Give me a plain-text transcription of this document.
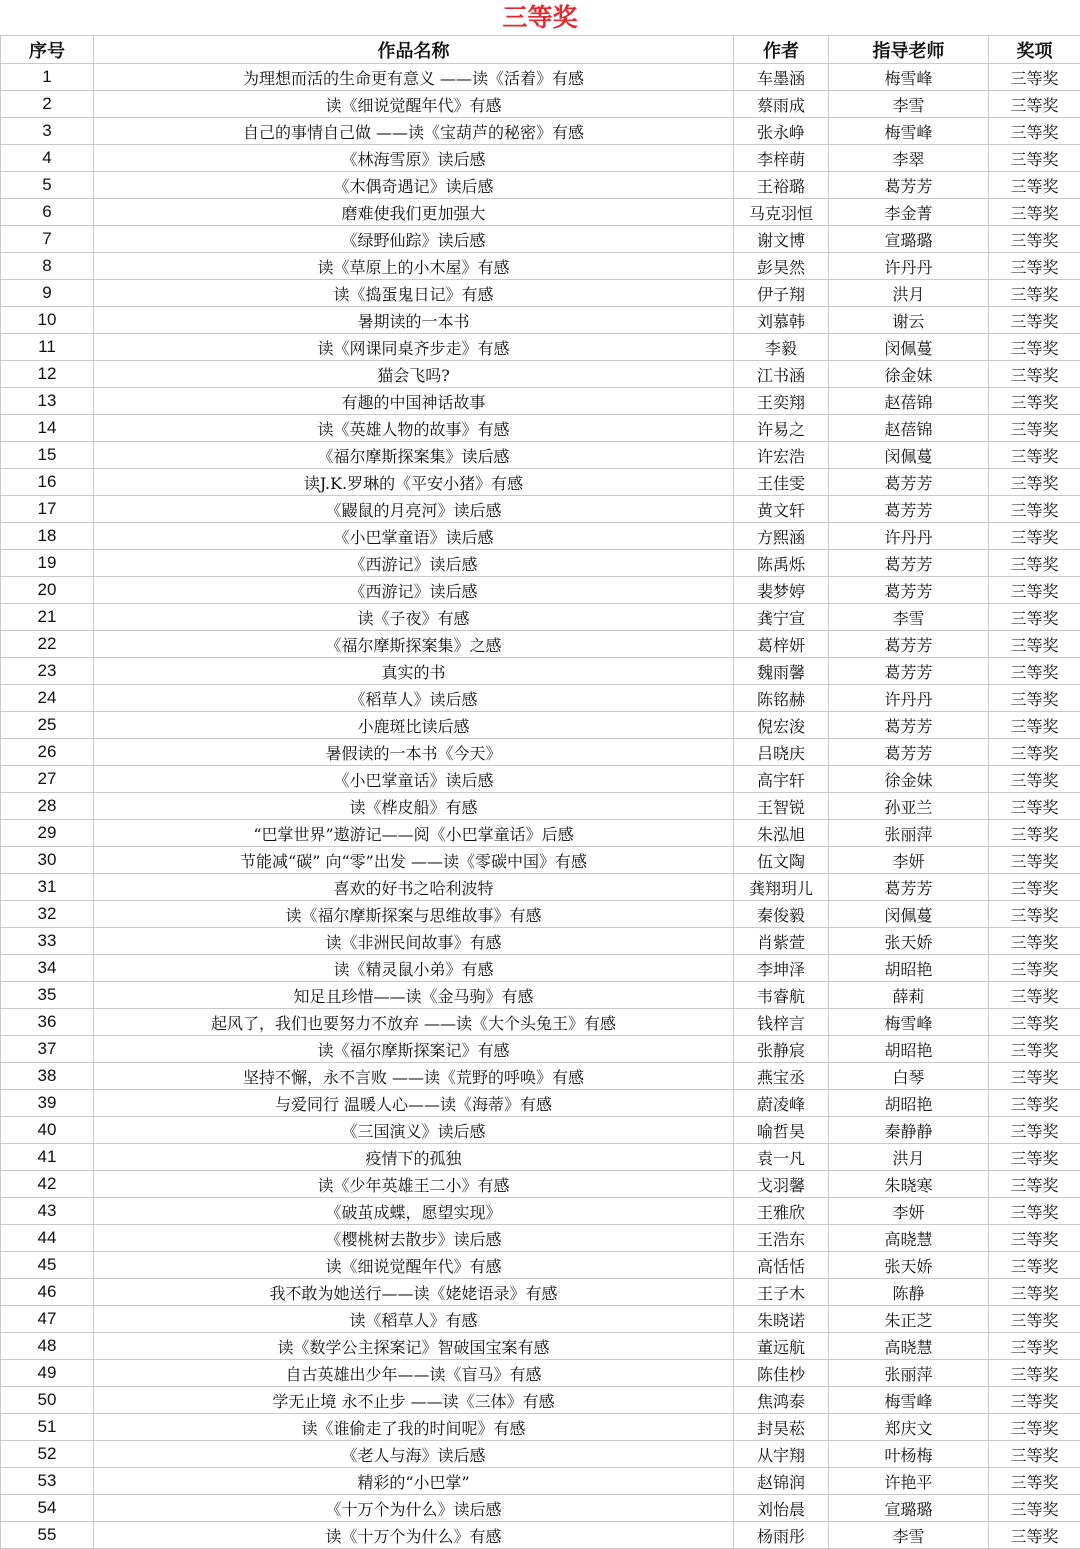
三等奖
序号	作品名称	作者	指导老师	奖项
1	为理想而活的生命更有意义 ——读《活着》有感	车墨涵	梅雪峰	三等奖
2	读《细说觉醒年代》有感	蔡雨成	李雪	三等奖
3	自己的事情自己做 ——读《宝葫芦的秘密》有感	张永峥	梅雪峰	三等奖
4	《林海雪原》读后感	李梓萌	李翠	三等奖
5	《木偶奇遇记》读后感	王裕璐	葛芳芳	三等奖
6	磨难使我们更加强大	马克羽恒	李金菁	三等奖
7	《绿野仙踪》读后感	谢文博	宣璐璐	三等奖
8	读《草原上的小木屋》有感	彭昊然	许丹丹	三等奖
9	读《捣蛋鬼日记》有感	伊子翔	洪月	三等奖
10	暑期读的一本书	刘慕韩	谢云	三等奖
11	读《网课同桌齐步走》有感	李毅	闵佩蔓	三等奖
12	猫会飞吗?	江书涵	徐金妹	三等奖
13	有趣的中国神话故事	王奕翔	赵蓓锦	三等奖
14	读《英雄人物的故事》有感	许易之	赵蓓锦	三等奖
15	《福尔摩斯探案集》读后感	许宏浩	闵佩蔓	三等奖
16	读J.K.罗琳的《平安小猪》有感	王佳雯	葛芳芳	三等奖
17	《鼹鼠的月亮河》读后感	黄文轩	葛芳芳	三等奖
18	《小巴掌童语》读后感	方熙涵	许丹丹	三等奖
19	《西游记》读后感	陈禹烁	葛芳芳	三等奖
20	《西游记》读后感	裴梦婷	葛芳芳	三等奖
21	读《子夜》有感	龚宁宣	李雪	三等奖
22	《福尔摩斯探案集》之感	葛梓妍	葛芳芳	三等奖
23	真实的书	魏雨馨	葛芳芳	三等奖
24	《稻草人》读后感	陈铭赫	许丹丹	三等奖
25	小鹿斑比读后感	倪宏浚	葛芳芳	三等奖
26	暑假读的一本书《今天》	吕晓庆	葛芳芳	三等奖
27	《小巴掌童话》读后感	高宇轩	徐金妹	三等奖
28	读《桦皮船》有感	王智锐	孙亚兰	三等奖
29	“巴掌世界”遨游记——阅《小巴掌童话》后感	朱泓旭	张丽萍	三等奖
30	节能减“碳” 向“零”出发 ——读《零碳中国》有感	伍文陶	李妍	三等奖
31	喜欢的好书之哈利波特	龚翔玥儿	葛芳芳	三等奖
32	读《福尔摩斯探案与思维故事》有感	秦俊毅	闵佩蔓	三等奖
33	读《非洲民间故事》有感	肖紫萱	张天娇	三等奖
34	读《精灵鼠小弟》有感	李坤泽	胡昭艳	三等奖
35	知足且珍惜——读《金马驹》有感	韦睿航	薛莉	三等奖
36	起风了，我们也要努力不放弃 ——读《大个头兔王》有感	钱梓言	梅雪峰	三等奖
37	读《福尔摩斯探案记》有感	张静宸	胡昭艳	三等奖
38	坚持不懈，永不言败 ——读《荒野的呼唤》有感	燕宝丞	白琴	三等奖
39	与爱同行 温暖人心——读《海蒂》有感	蔚凌峰	胡昭艳	三等奖
40	《三国演义》读后感	喻哲昊	秦静静	三等奖
41	疫情下的孤独	袁一凡	洪月	三等奖
42	读《少年英雄王二小》有感	戈羽馨	朱晓寒	三等奖
43	《破茧成蝶，愿望实现》	王雅欣	李妍	三等奖
44	《樱桃树去散步》读后感	王浩东	高晓慧	三等奖
45	读《细说觉醒年代》有感	高恬恬	张天娇	三等奖
46	我不敢为她送行——读《姥姥语录》有感	王子木	陈静	三等奖
47	读《稻草人》有感	朱晓诺	朱正芝	三等奖
48	读《数学公主探案记》智破国宝案有感	董远航	高晓慧	三等奖
49	自古英雄出少年——读《盲马》有感	陈佳杪	张丽萍	三等奖
50	学无止境 永不止步 ——读《三体》有感	焦鸿泰	梅雪峰	三等奖
51	读《谁偷走了我的时间呢》有感	封昊菘	郑庆文	三等奖
52	《老人与海》读后感	从宇翔	叶杨梅	三等奖
53	精彩的“小巴掌”	赵锦润	许艳平	三等奖
54	《十万个为什么》读后感	刘怡晨	宣璐璐	三等奖
55	读《十万个为什么》有感	杨雨彤	李雪	三等奖
